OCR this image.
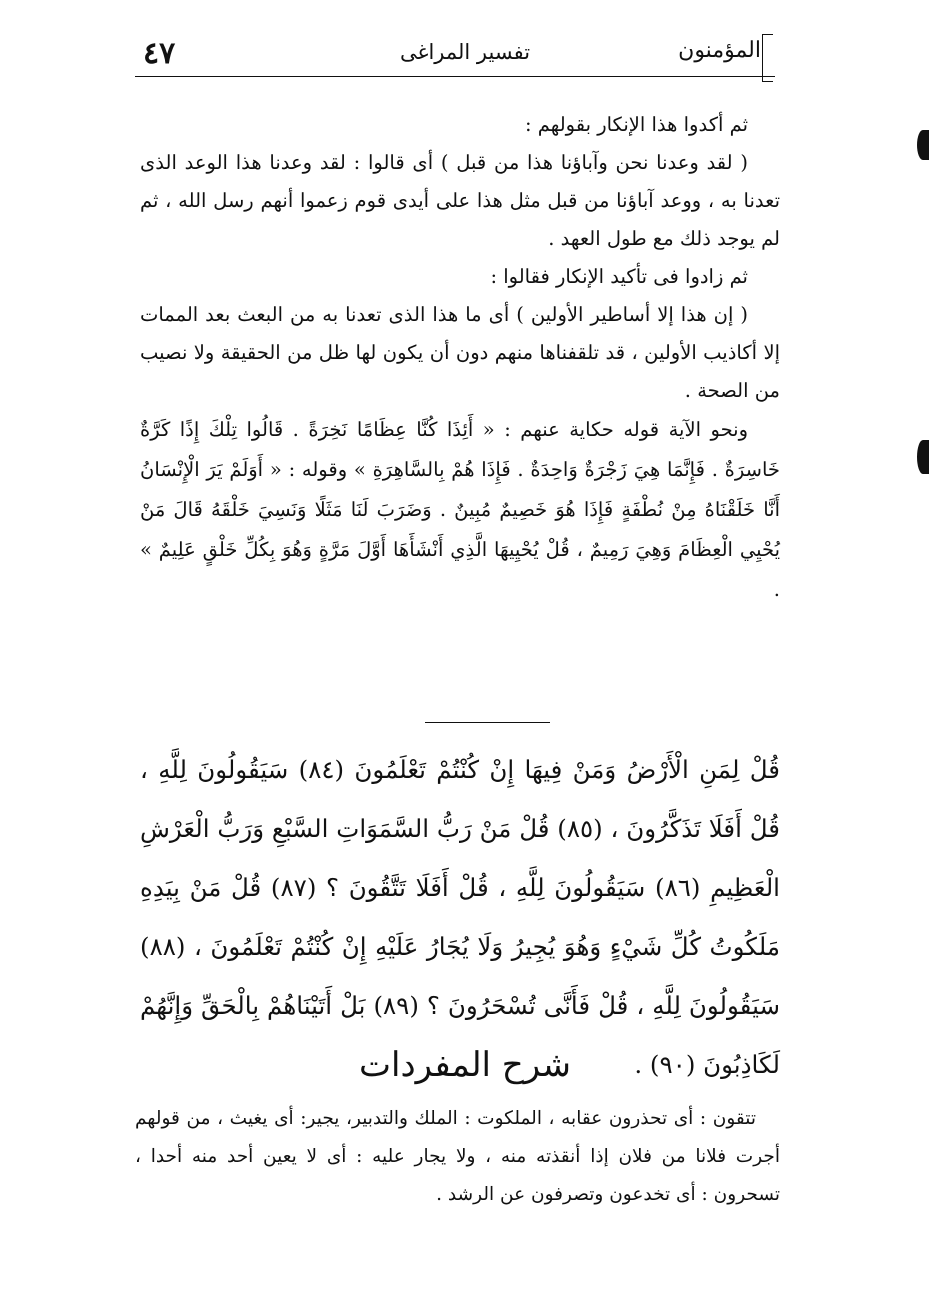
٤٧	تفسير المراغى	المؤمنون

ثم أكدوا هذا الإنكار بقولهم :

( لقد وعدنا نحن وآباؤنا هذا من قبل ) أى قالوا : لقد وعدنا هذا الوعد الذى تعدنا به ، ووعد آباؤنا من قبل مثل هذا على أيدى قوم زعموا أنهم رسل الله ، ثم لم يوجد ذلك مع طول العهد .

ثم زادوا فى تأكيد الإنكار فقالوا :

( إن هذا إلا أساطير الأولين ) أى ما هذا الذى تعدنا به من البعث بعد الممات إلا أكاذيب الأولين ، قد تلقفناها منهم دون أن يكون لها ظل من الحقيقة ولا نصيب من الصحة .

ونحو الآية قوله حكاية عنهم : « أَئِذَا كُنَّا عِظَامًا نَخِرَةً . قَالُوا تِلْكَ إِذًا كَرَّةٌ خَاسِرَةٌ . فَإِنَّمَا هِيَ زَجْرَةٌ وَاحِدَةٌ . فَإِذَا هُمْ بِالسَّاهِرَةِ » وقوله : « أَوَلَمْ يَرَ الْإِنْسَانُ أَنَّا خَلَقْنَاهُ مِنْ نُطْفَةٍ فَإِذَا هُوَ خَصِيمٌ مُبِينٌ . وَضَرَبَ لَنَا مَثَلًا وَنَسِيَ خَلْقَهُ قَالَ مَنْ يُحْيِي الْعِظَامَ وَهِيَ رَمِيمٌ ، قُلْ يُحْيِيهَا الَّذِي أَنْشَأَهَا أَوَّلَ مَرَّةٍ وَهُوَ بِكُلِّ خَلْقٍ عَلِيمٌ » .

قُلْ لِمَنِ الْأَرْضُ وَمَنْ فِيهَا إِنْ كُنْتُمْ تَعْلَمُونَ (٨٤) سَيَقُولُونَ لِلَّهِ ، قُلْ أَفَلَا تَذَكَّرُونَ ، (٨٥) قُلْ مَنْ رَبُّ السَّمَوَاتِ السَّبْعِ وَرَبُّ الْعَرْشِ الْعَظِيمِ (٨٦) سَيَقُولُونَ لِلَّهِ ، قُلْ أَفَلَا تَتَّقُونَ ؟ (٨٧) قُلْ مَنْ بِيَدِهِ مَلَكُوتُ كُلِّ شَيْءٍ وَهُوَ يُجِيرُ وَلَا يُجَارُ عَلَيْهِ إِنْ كُنْتُمْ تَعْلَمُونَ ، (٨٨) سَيَقُولُونَ لِلَّهِ ، قُلْ فَأَنَّى تُسْحَرُونَ ؟ (٨٩) بَلْ أَتَيْنَاهُمْ بِالْحَقِّ وَإِنَّهُمْ لَكَاذِبُونَ (٩٠) .

شرح المفردات

تتقون : أى تحذرون عقابه ، الملكوت : الملك والتدبير، يجير: أى يغيث ، من قولهم أجرت فلانا من فلان إذا أنقذته منه ، ولا يجار عليه : أى لا يعين أحد منه أحدا ، تسحرون : أى تخدعون وتصرفون عن الرشد .
